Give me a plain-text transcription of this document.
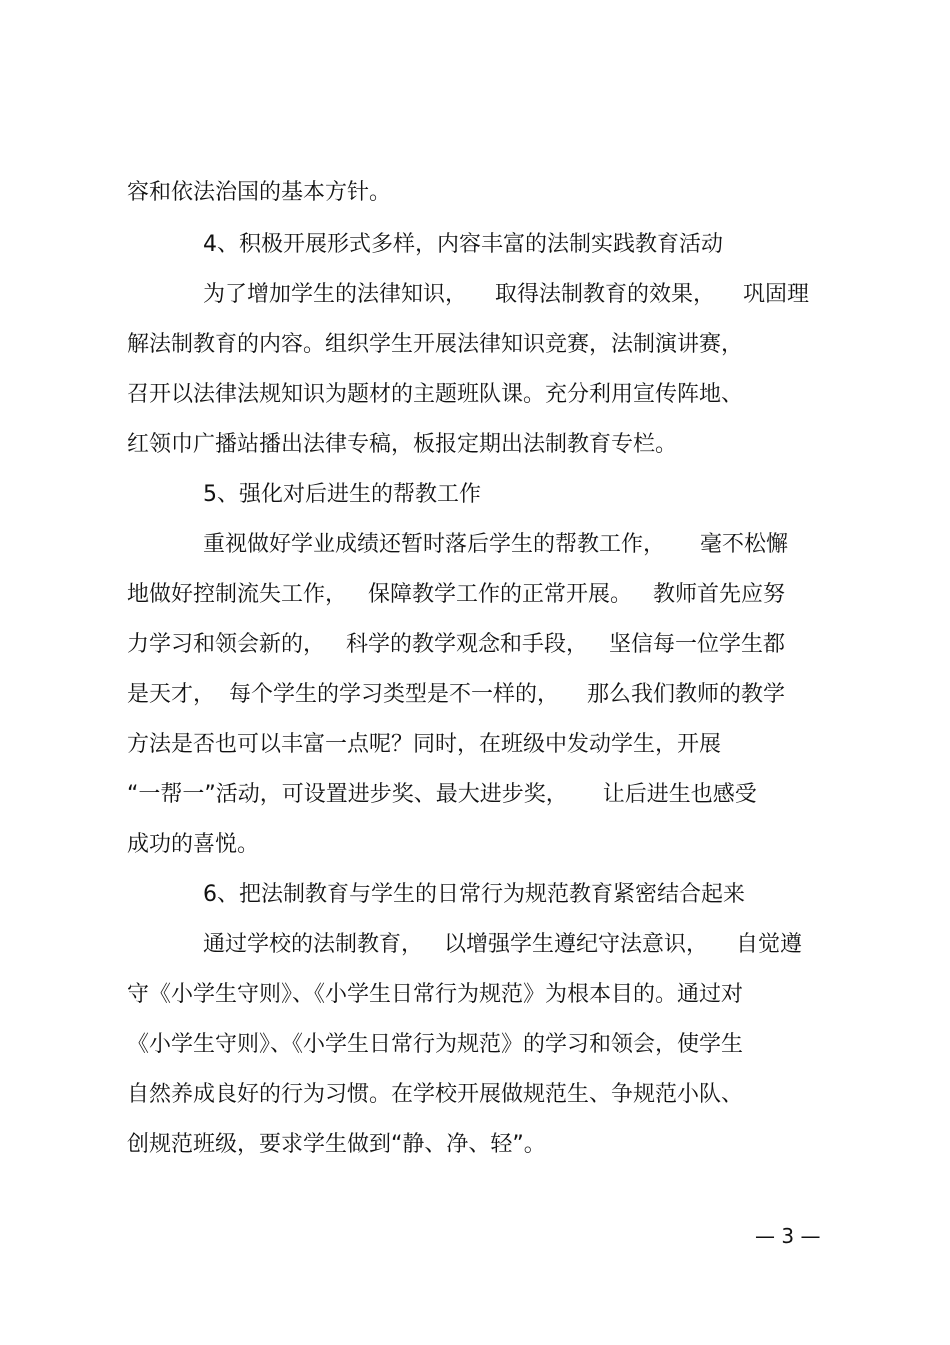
容和依法治国的基本方针。
4、积极开展形式多样，内容丰富的法制实践教育活动
为了增加学生的法律知识，    取得法制教育的效果，    巩固理
解法制教育的内容。组织学生开展法律知识竞赛，法制演讲赛，
召开以法律法规知识为题材的主题班队课。充分利用宣传阵地、
红领巾广播站播出法律专稿，板报定期出法制教育专栏。
5、强化对后进生的帮教工作
重视做好学业成绩还暂时落后学生的帮教工作，     毫不松懈
地做好控制流失工作，   保障教学工作的正常开展。   教师首先应努
力学习和领会新的，   科学的教学观念和手段，   坚信每一位学生都
是天才，  每个学生的学习类型是不一样的，    那么我们教师的教学
方法是否也可以丰富一点呢？同时，在班级中发动学生，开展
“一帮一”活动，可设置进步奖、最大进步奖，     让后进生也感受
成功的喜悦。
6、把法制教育与学生的日常行为规范教育紧密结合起来
通过学校的法制教育，   以增强学生遵纪守法意识，    自觉遵
守《小学生守则》、《小学生日常行为规范》为根本目的。通过对
《小学生守则》、《小学生日常行为规范》的学习和领会，使学生
自然养成良好的行为习惯。在学校开展做规范生、争规范小队、
创规范班级，要求学生做到“静、净、轻”。
— 3 —
